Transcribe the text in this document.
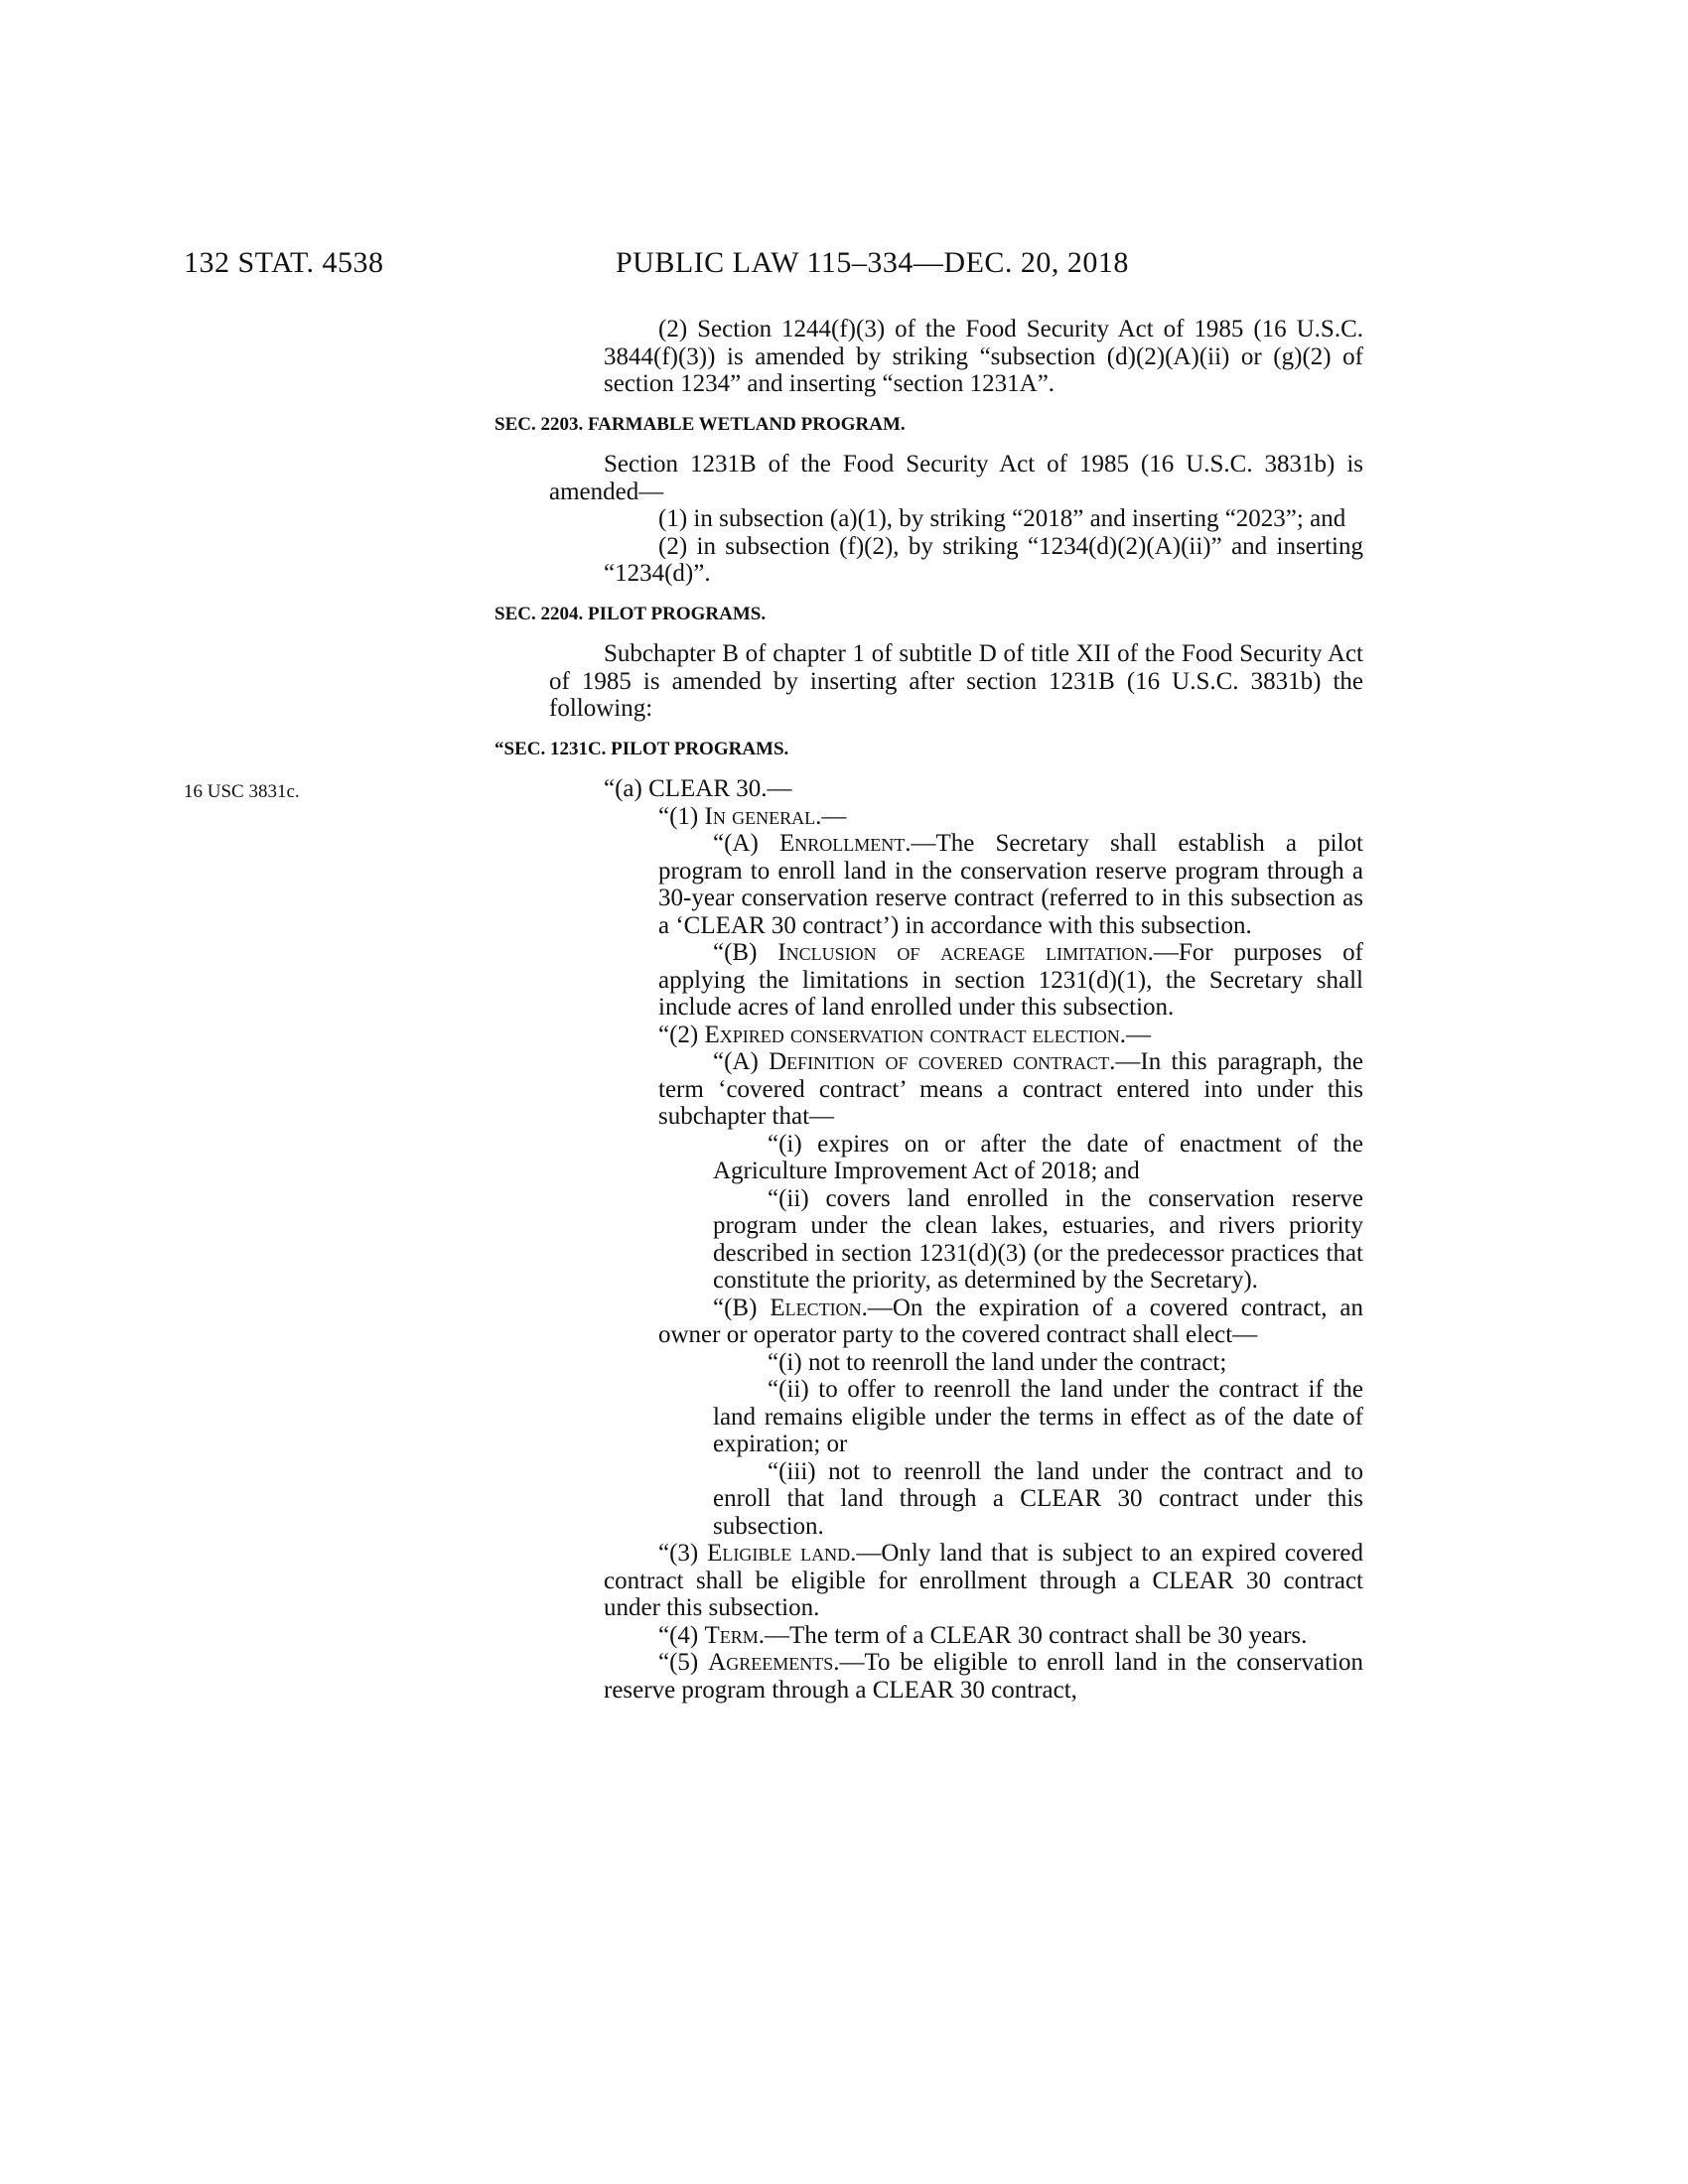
132 STAT. 4538	PUBLIC LAW 115–334—DEC. 20, 2018
16 USC 3831c.

(2) Section 1244(f)(3) of the Food Security Act of 1985 (16 U.S.C. 3844(f)(3)) is amended by striking “subsection (d)(2)(A)(ii) or (g)(2) of section 1234” and inserting “section 1231A”.

SEC. 2203. FARMABLE WETLAND PROGRAM.

Section 1231B of the Food Security Act of 1985 (16 U.S.C. 3831b) is amended—

(1) in subsection (a)(1), by striking “2018” and inserting “2023”; and

(2) in subsection (f)(2), by striking “1234(d)(2)(A)(ii)” and inserting “1234(d)”.

SEC. 2204. PILOT PROGRAMS.

Subchapter B of chapter 1 of subtitle D of title XII of the Food Security Act of 1985 is amended by inserting after section 1231B (16 U.S.C. 3831b) the following:

“SEC. 1231C. PILOT PROGRAMS.

“(a) CLEAR 30.—

“(1) In general.—

“(A) Enrollment.—The Secretary shall establish a pilot program to enroll land in the conservation reserve program through a 30-year conservation reserve contract (referred to in this subsection as a ‘CLEAR 30 contract’) in accordance with this subsection.

“(B) Inclusion of acreage limitation.—For purposes of applying the limitations in section 1231(d)(1), the Secretary shall include acres of land enrolled under this subsection.

“(2) Expired conservation contract election.—

“(A) Definition of covered contract.—In this paragraph, the term ‘covered contract’ means a contract entered into under this subchapter that—

“(i) expires on or after the date of enactment of the Agriculture Improvement Act of 2018; and

“(ii) covers land enrolled in the conservation reserve program under the clean lakes, estuaries, and rivers priority described in section 1231(d)(3) (or the predecessor practices that constitute the priority, as determined by the Secretary).

“(B) Election.—On the expiration of a covered contract, an owner or operator party to the covered contract shall elect—

“(i) not to reenroll the land under the contract;

“(ii) to offer to reenroll the land under the contract if the land remains eligible under the terms in effect as of the date of expiration; or

“(iii) not to reenroll the land under the contract and to enroll that land through a CLEAR 30 contract under this subsection.

“(3) Eligible land.—Only land that is subject to an expired covered contract shall be eligible for enrollment through a CLEAR 30 contract under this subsection.

“(4) Term.—The term of a CLEAR 30 contract shall be 30 years.

“(5) Agreements.—To be eligible to enroll land in the conservation reserve program through a CLEAR 30 contract,
